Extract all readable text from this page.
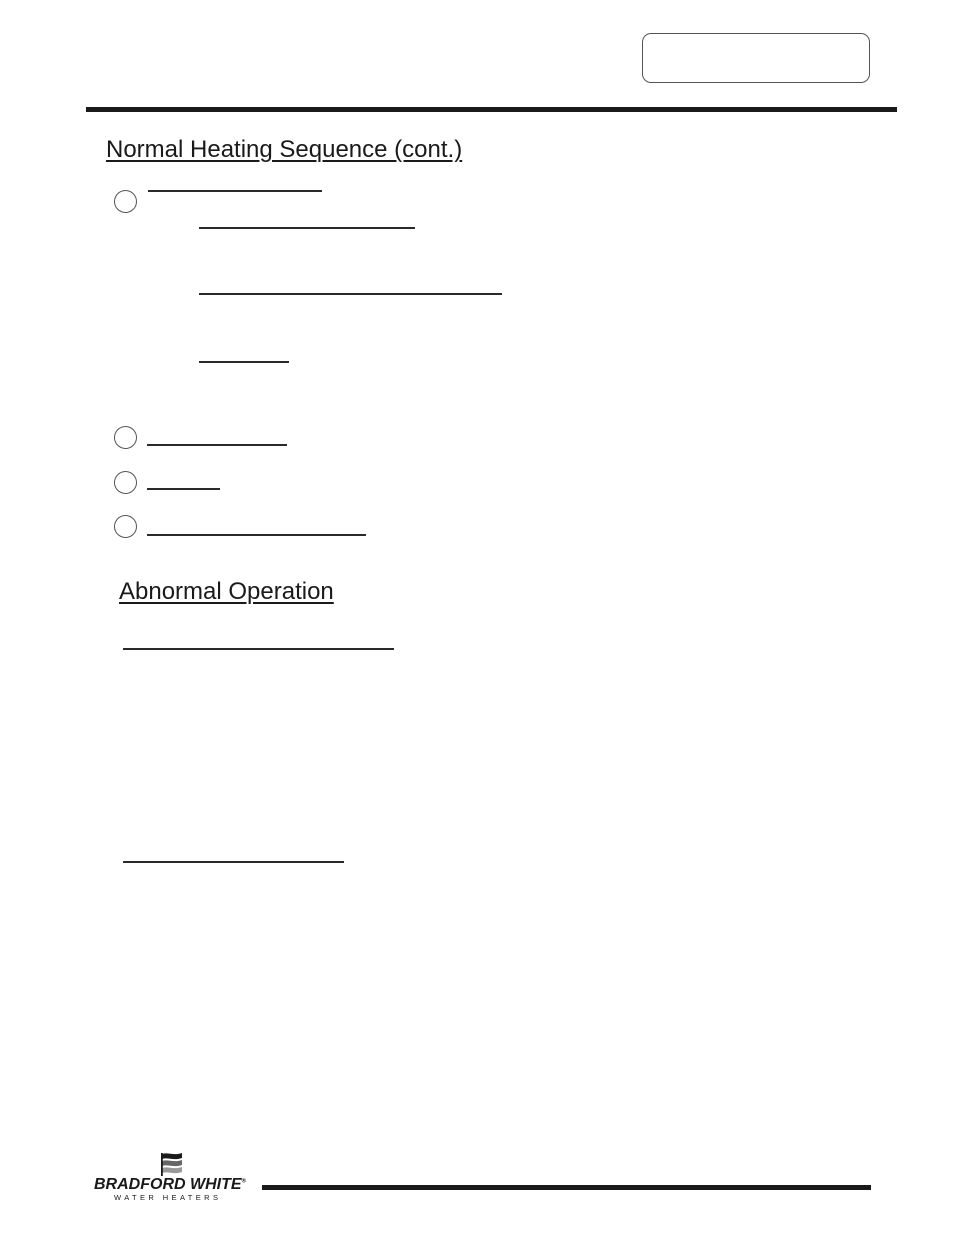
Normal Heating Sequence (cont.)
Abnormal Operation
BRADFORD WHITE®
WATER HEATERS
